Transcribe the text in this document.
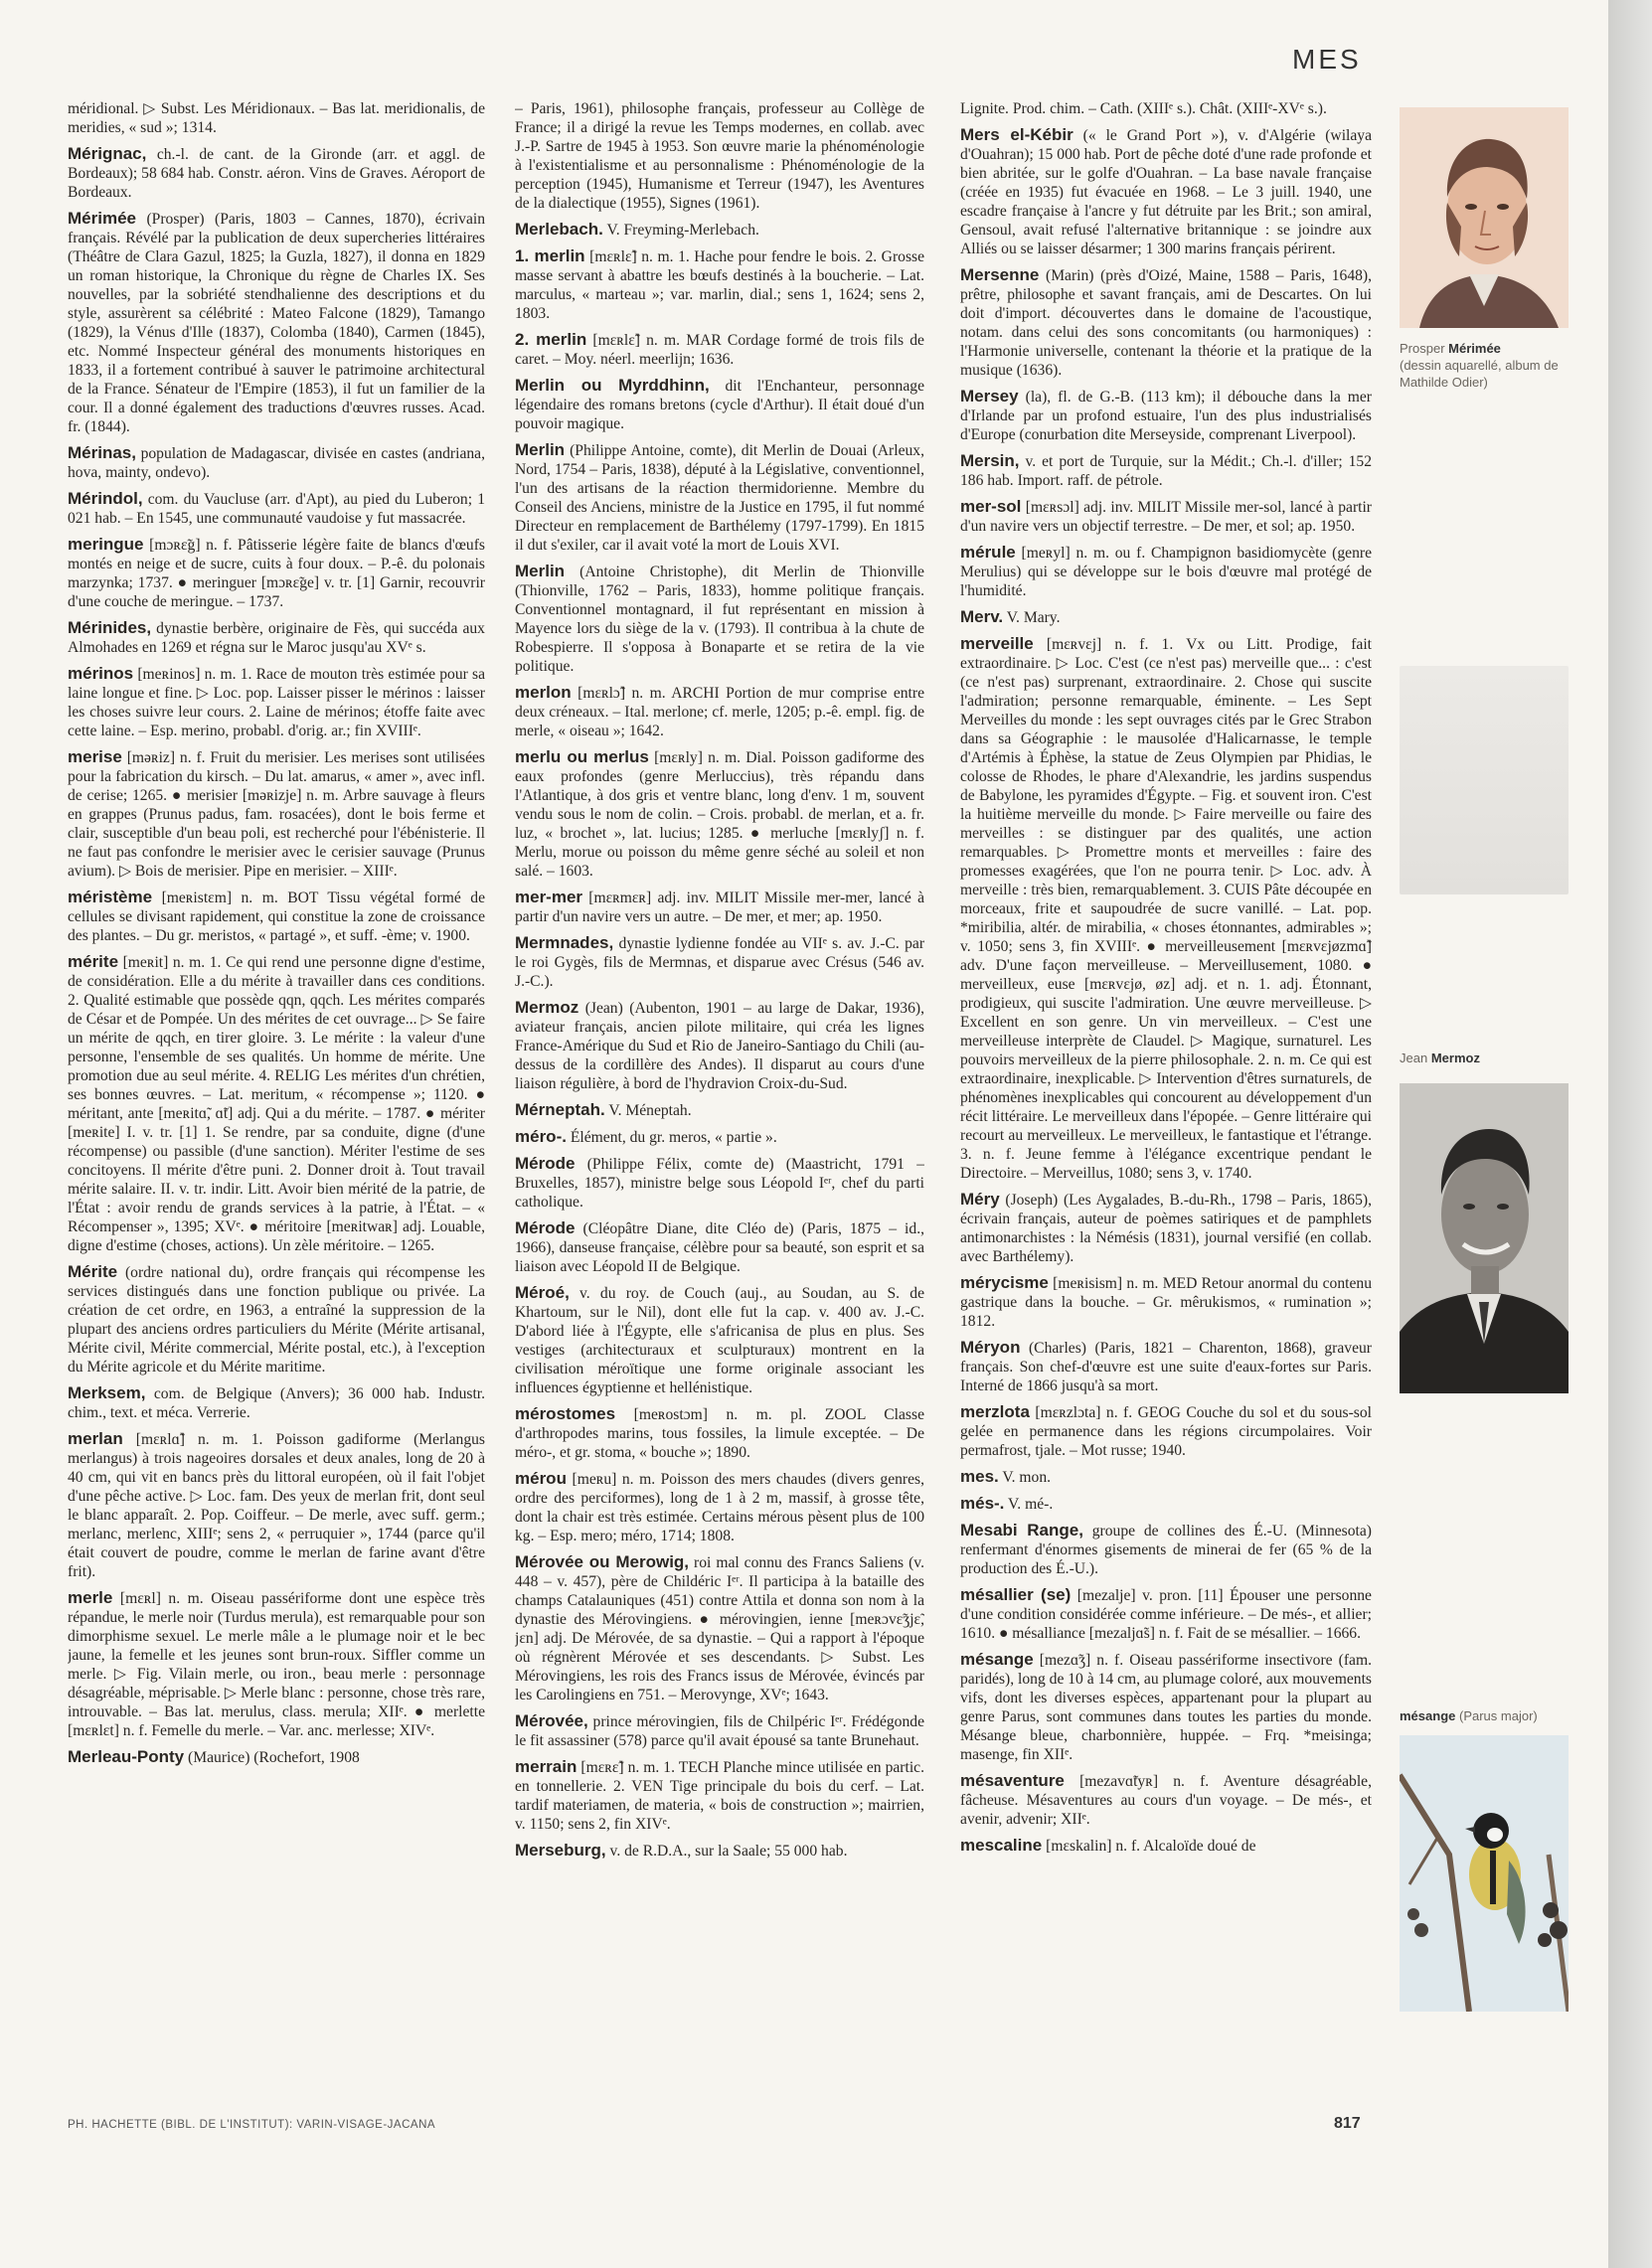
MES

méridional. ▷ Subst. Les Méridionaux. – Bas lat. meridionalis, de meridies, « sud »; 1314.

Mérignac, ch.-l. de cant. de la Gironde (arr. et aggl. de Bordeaux); 58 684 hab. Constr. aéron. Vins de Graves. Aéroport de Bordeaux.

Mérimée (Prosper) (Paris, 1803 – Cannes, 1870), écrivain français. Révélé par la publication de deux supercheries littéraires (Théâtre de Clara Gazul, 1825; la Guzla, 1827), il donna en 1829 un roman historique, la Chronique du règne de Charles IX. Ses nouvelles, par la sobriété stendhalienne des descriptions et du style, assurèrent sa célébrité : Mateo Falcone (1829), Tamango (1829), la Vénus d'Ille (1837), Colomba (1840), Carmen (1845), etc. Nommé Inspecteur général des monuments historiques en 1833, il a fortement contribué à sauver le patrimoine architectural de la France. Sénateur de l'Empire (1853), il fut un familier de la cour. Il a donné également des traductions d'œuvres russes. Acad. fr. (1844).

Mérinas, population de Madagascar, divisée en castes (andriana, hova, mainty, ondevo).

Mérindol, com. du Vaucluse (arr. d'Apt), au pied du Luberon; 1 021 hab. – En 1545, une communauté vaudoise y fut massacrée.

meringue [mɔʀɛ̃g] n. f. Pâtisserie légère faite de blancs d'œufs montés en neige et de sucre, cuits à four doux. – P.-ê. du polonais marzynka; 1737. ● meringuer [mɔʀɛ̃ge] v. tr. [1] Garnir, recouvrir d'une couche de meringue. – 1737.

Mérinides, dynastie berbère, originaire de Fès, qui succéda aux Almohades en 1269 et régna sur le Maroc jusqu'au XVᵉ s.

mérinos [meʀinos] n. m. 1. Race de mouton très estimée pour sa laine longue et fine. ▷ Loc. pop. Laisser pisser le mérinos : laisser les choses suivre leur cours. 2. Laine de mérinos; étoffe faite avec cette laine. – Esp. merino, probabl. d'orig. ar.; fin XVIIIᵉ.

merise [məʀiz] n. f. Fruit du merisier. Les merises sont utilisées pour la fabrication du kirsch. – Du lat. amarus, « amer », avec infl. de cerise; 1265. ● merisier [məʀizje] n. m. Arbre sauvage à fleurs en grappes (Prunus padus, fam. rosacées), dont le bois ferme et clair, susceptible d'un beau poli, est recherché pour l'ébénisterie. Il ne faut pas confondre le merisier avec le cerisier sauvage (Prunus avium). ▷ Bois de merisier. Pipe en merisier. – XIIIᵉ.

méristème [meʀistɛm] n. m. BOT Tissu végétal formé de cellules se divisant rapidement, qui constitue la zone de croissance des plantes. – Du gr. meristos, « partagé », et suff. -ème; v. 1900.

mérite [meʀit] n. m. 1. Ce qui rend une personne digne d'estime, de considération. Elle a du mérite à travailler dans ces conditions. 2. Qualité estimable que possède qqn, qqch. Les mérites comparés de César et de Pompée. Un des mérites de cet ouvrage... ▷ Se faire un mérite de qqch, en tirer gloire. 3. Le mérite : la valeur d'une personne, l'ensemble de ses qualités. Un homme de mérite. Une promotion due au seul mérite. 4. RELIG Les mérites d'un chrétien, ses bonnes œuvres. – Lat. meritum, « récompense »; 1120. ● méritant, ante [meʀitɑ̃, ɑ̃t] adj. Qui a du mérite. – 1787. ● mériter [meʀite] I. v. tr. [1] 1. Se rendre, par sa conduite, digne (d'une récompense) ou passible (d'une sanction). Mériter l'estime de ses concitoyens. Il mérite d'être puni. 2. Donner droit à. Tout travail mérite salaire. II. v. tr. indir. Litt. Avoir bien mérité de la patrie, de l'État : avoir rendu de grands services à la patrie, à l'État. – « Récompenser », 1395; XVᵉ. ● méritoire [meʀitwaʀ] adj. Louable, digne d'estime (choses, actions). Un zèle méritoire. – 1265.

Mérite (ordre national du), ordre français qui récompense les services distingués dans une fonction publique ou privée. La création de cet ordre, en 1963, a entraîné la suppression de la plupart des anciens ordres particuliers du Mérite (Mérite artisanal, Mérite civil, Mérite commercial, Mérite postal, etc.), à l'exception du Mérite agricole et du Mérite maritime.

Merksem, com. de Belgique (Anvers); 36 000 hab. Industr. chim., text. et méca. Verrerie.

merlan [mɛʀlɑ̃] n. m. 1. Poisson gadiforme (Merlangus merlangus) à trois nageoires dorsales et deux anales, long de 20 à 40 cm, qui vit en bancs près du littoral européen, où il fait l'objet d'une pêche active. ▷ Loc. fam. Des yeux de merlan frit, dont seul le blanc apparaît. 2. Pop. Coiffeur. – De merle, avec suff. germ.; merlanc, merlenc, XIIIᵉ; sens 2, « perruquier », 1744 (parce qu'il était couvert de poudre, comme le merlan de farine avant d'être frit).

merle [mɛʀl] n. m. Oiseau passériforme dont une espèce très répandue, le merle noir (Turdus merula), est remarquable pour son dimorphisme sexuel. Le merle mâle a le plumage noir et le bec jaune, la femelle et les jeunes sont brun-roux. Siffler comme un merle. ▷ Fig. Vilain merle, ou iron., beau merle : personnage désagréable, méprisable. ▷ Merle blanc : personne, chose très rare, introuvable. – Bas lat. merulus, class. merula; XIIᵉ. ● merlette [mɛʀlɛt] n. f. Femelle du merle. – Var. anc. merlesse; XIVᵉ.

Merleau-Ponty (Maurice) (Rochefort, 1908

– Paris, 1961), philosophe français, professeur au Collège de France; il a dirigé la revue les Temps modernes, en collab. avec J.-P. Sartre de 1945 à 1953. Son œuvre marie la phénoménologie à l'existentialisme et au personnalisme : Phénoménologie de la perception (1945), Humanisme et Terreur (1947), les Aventures de la dialectique (1955), Signes (1961).

Merlebach. V. Freyming-Merlebach.

1. merlin [mɛʀlɛ̃] n. m. 1. Hache pour fendre le bois. 2. Grosse masse servant à abattre les bœufs destinés à la boucherie. – Lat. marculus, « marteau »; var. marlin, dial.; sens 1, 1624; sens 2, 1803.

2. merlin [mɛʀlɛ̃] n. m. MAR Cordage formé de trois fils de caret. – Moy. néerl. meerlijn; 1636.

Merlin ou Myrddhinn, dit l'Enchanteur, personnage légendaire des romans bretons (cycle d'Arthur). Il était doué d'un pouvoir magique.

Merlin (Philippe Antoine, comte), dit Merlin de Douai (Arleux, Nord, 1754 – Paris, 1838), député à la Législative, conventionnel, l'un des artisans de la réaction thermidorienne. Membre du Conseil des Anciens, ministre de la Justice en 1795, il fut nommé Directeur en remplacement de Barthélemy (1797-1799). En 1815 il dut s'exiler, car il avait voté la mort de Louis XVI.

Merlin (Antoine Christophe), dit Merlin de Thionville (Thionville, 1762 – Paris, 1833), homme politique français. Conventionnel montagnard, il fut représentant en mission à Mayence lors du siège de la v. (1793). Il contribua à la chute de Robespierre. Il s'opposa à Bonaparte et se retira de la vie politique.

merlon [mɛʀlɔ̃] n. m. ARCHI Portion de mur comprise entre deux créneaux. – Ital. merlone; cf. merle, 1205; p.-ê. empl. fig. de merle, « oiseau »; 1642.

merlu ou merlus [mɛʀly] n. m. Dial. Poisson gadiforme des eaux profondes (genre Merluccius), très répandu dans l'Atlantique, à dos gris et ventre blanc, long d'env. 1 m, souvent vendu sous le nom de colin. – Crois. probabl. de merlan, et a. fr. luz, « brochet », lat. lucius; 1285. ● merluche [mɛʀlyʃ] n. f. Merlu, morue ou poisson du même genre séché au soleil et non salé. – 1603.

mer-mer [mɛʀmɛʀ] adj. inv. MILIT Missile mer-mer, lancé à partir d'un navire vers un autre. – De mer, et mer; ap. 1950.

Mermnades, dynastie lydienne fondée au VIIᵉ s. av. J.-C. par le roi Gygès, fils de Mermnas, et disparue avec Crésus (546 av. J.-C.).

Mermoz (Jean) (Aubenton, 1901 – au large de Dakar, 1936), aviateur français, ancien pilote militaire, qui créa les lignes France-Amérique du Sud et Rio de Janeiro-Santiago du Chili (au-dessus de la cordillère des Andes). Il disparut au cours d'une liaison régulière, à bord de l'hydravion Croix-du-Sud.

Mérneptah. V. Méneptah.

méro-. Élément, du gr. meros, « partie ».

Mérode (Philippe Félix, comte de) (Maastricht, 1791 – Bruxelles, 1857), ministre belge sous Léopold Iᵉʳ, chef du parti catholique.

Mérode (Cléopâtre Diane, dite Cléo de) (Paris, 1875 – id., 1966), danseuse française, célèbre pour sa beauté, son esprit et sa liaison avec Léopold II de Belgique.

Méroé, v. du roy. de Couch (auj., au Soudan, au S. de Khartoum, sur le Nil), dont elle fut la cap. v. 400 av. J.-C. D'abord liée à l'Égypte, elle s'africanisa de plus en plus. Ses vestiges (architecturaux et sculpturaux) montrent en la civilisation méroïtique une forme originale associant les influences égyptienne et hellénistique.

mérostomes [meʀostɔm] n. m. pl. ZOOL Classe d'arthropodes marins, tous fossiles, la limule exceptée. – De méro-, et gr. stoma, « bouche »; 1890.

mérou [meʀu] n. m. Poisson des mers chaudes (divers genres, ordre des perciformes), long de 1 à 2 m, massif, à grosse tête, dont la chair est très estimée. Certains mérous pèsent plus de 100 kg. – Esp. mero; méro, 1714; 1808.

Mérovée ou Merowig, roi mal connu des Francs Saliens (v. 448 – v. 457), père de Childéric Iᵉʳ. Il participa à la bataille des champs Catalauniques (451) contre Attila et donna son nom à la dynastie des Mérovingiens. ● mérovingien, ienne [meʀɔvɛ̃ʒjɛ̃, jɛn] adj. De Mérovée, de sa dynastie. – Qui a rapport à l'époque où régnèrent Mérovée et ses descendants. ▷ Subst. Les Mérovingiens, les rois des Francs issus de Mérovée, évincés par les Carolingiens en 751. – Merovynge, XVᵉ; 1643.

Mérovée, prince mérovingien, fils de Chilpéric Iᵉʳ. Frédégonde le fit assassiner (578) parce qu'il avait épousé sa tante Brunehaut.

merrain [mɛʀɛ̃] n. m. 1. TECH Planche mince utilisée en partic. en tonnellerie. 2. VEN Tige principale du bois du cerf. – Lat. tardif materiamen, de materia, « bois de construction »; mairrien, v. 1150; sens 2, fin XIVᵉ.

Merseburg, v. de R.D.A., sur la Saale; 55 000 hab.

Lignite. Prod. chim. – Cath. (XIIIᵉ s.). Chât. (XIIIᵉ-XVᵉ s.).

Mers el-Kébir (« le Grand Port »), v. d'Algérie (wilaya d'Ouahran); 15 000 hab. Port de pêche doté d'une rade profonde et bien abritée, sur le golfe d'Ouahran. – La base navale française (créée en 1935) fut évacuée en 1968. – Le 3 juill. 1940, une escadre française à l'ancre y fut détruite par les Brit.; son amiral, Gensoul, avait refusé l'alternative britannique : se joindre aux Alliés ou se laisser désarmer; 1 300 marins français périrent.

Mersenne (Marin) (près d'Oizé, Maine, 1588 – Paris, 1648), prêtre, philosophe et savant français, ami de Descartes. On lui doit d'import. découvertes dans le domaine de l'acoustique, notam. dans celui des sons concomitants (ou harmoniques) : l'Harmonie universelle, contenant la théorie et la pratique de la musique (1636).

Mersey (la), fl. de G.-B. (113 km); il débouche dans la mer d'Irlande par un profond estuaire, l'un des plus industrialisés d'Europe (conurbation dite Merseyside, comprenant Liverpool).

Mersin, v. et port de Turquie, sur la Médit.; Ch.-l. d'iller; 152 186 hab. Import. raff. de pétrole.

mer-sol [mɛʀsɔl] adj. inv. MILIT Missile mer-sol, lancé à partir d'un navire vers un objectif terrestre. – De mer, et sol; ap. 1950.

mérule [meʀyl] n. m. ou f. Champignon basidiomycète (genre Merulius) qui se développe sur le bois d'œuvre mal protégé de l'humidité.

Merv. V. Mary.

merveille [mɛʀvɛj] n. f. 1. Vx ou Litt. Prodige, fait extraordinaire. ▷ Loc. C'est (ce n'est pas) merveille que... : c'est (ce n'est pas) surprenant, extraordinaire. 2. Chose qui suscite l'admiration; personne remarquable, éminente. – Les Sept Merveilles du monde : les sept ouvrages cités par le Grec Strabon dans sa Géographie : le mausolée d'Halicarnasse, le temple d'Artémis à Éphèse, la statue de Zeus Olympien par Phidias, le colosse de Rhodes, le phare d'Alexandrie, les jardins suspendus de Babylone, les pyramides d'Égypte. – Fig. et souvent iron. C'est la huitième merveille du monde. ▷ Faire merveille ou faire des merveilles : se distinguer par des qualités, une action remarquables. ▷ Promettre monts et merveilles : faire des promesses exagérées, que l'on ne pourra tenir. ▷ Loc. adv. À merveille : très bien, remarquablement. 3. CUIS Pâte découpée en morceaux, frite et saupoudrée de sucre vanillé. – Lat. pop. *miribilia, altér. de mirabilia, « choses étonnantes, admirables »; v. 1050; sens 3, fin XVIIIᵉ. ● merveilleusement [mɛʀvɛjøzmɑ̃] adv. D'une façon merveilleuse. – Merveillusement, 1080. ● merveilleux, euse [mɛʀvɛjø, øz] adj. et n. 1. adj. Étonnant, prodigieux, qui suscite l'admiration. Une œuvre merveilleuse. ▷ Excellent en son genre. Un vin merveilleux. – C'est une merveilleuse interprète de Claudel. ▷ Magique, surnaturel. Les pouvoirs merveilleux de la pierre philosophale. 2. n. m. Ce qui est extraordinaire, inexplicable. ▷ Intervention d'êtres surnaturels, de phénomènes inexplicables qui concourent au développement d'un récit littéraire. Le merveilleux dans l'épopée. – Genre littéraire qui recourt au merveilleux. Le merveilleux, le fantastique et l'étrange. 3. n. f. Jeune femme à l'élégance excentrique pendant le Directoire. – Merveillus, 1080; sens 3, v. 1740.

Méry (Joseph) (Les Aygalades, B.-du-Rh., 1798 – Paris, 1865), écrivain français, auteur de poèmes satiriques et de pamphlets antimonarchistes : la Némésis (1831), journal versifié (en collab. avec Barthélemy).

mérycisme [meʀisism] n. m. MED Retour anormal du contenu gastrique dans la bouche. – Gr. mêrukismos, « rumination »; 1812.

Méryon (Charles) (Paris, 1821 – Charenton, 1868), graveur français. Son chef-d'œuvre est une suite d'eaux-fortes sur Paris. Interné de 1866 jusqu'à sa mort.

merzlota [mɛʀzlɔta] n. f. GEOG Couche du sol et du sous-sol gelée en permanence dans les régions circumpolaires. Voir permafrost, tjale. – Mot russe; 1940.

mes. V. mon.

més-. V. mé-.

Mesabi Range, groupe de collines des É.-U. (Minnesota) renfermant d'énormes gisements de minerai de fer (65 % de la production des É.-U.).

mésallier (se) [mezalje] v. pron. [11] Épouser une personne d'une condition considérée comme inférieure. – De més-, et allier; 1610. ● mésalliance [mezaljɑ̃s] n. f. Fait de se mésallier. – 1666.

mésange [mezɑ̃ʒ] n. f. Oiseau passériforme insectivore (fam. paridés), long de 10 à 14 cm, au plumage coloré, aux mouvements vifs, dont les diverses espèces, appartenant pour la plupart au genre Parus, sont communes dans toutes les parties du monde. Mésange bleue, charbonnière, huppée. – Frq. *meisinga; masenge, fin XIIᵉ.

mésaventure [mezavɑ̃tyʀ] n. f. Aventure désagréable, fâcheuse. Mésaventures au cours d'un voyage. – De més-, et avenir, advenir; XIIᵉ.

mescaline [mɛskalin] n. f. Alcaloïde doué de

Prosper Mérimée
(dessin aquarellé, album de Mathilde Odier)
Jean Mermoz
mésange (Parus major)
PH. HACHETTE (BIBL. DE L'INSTITUT): VARIN-VISAGE-JACANA	817
